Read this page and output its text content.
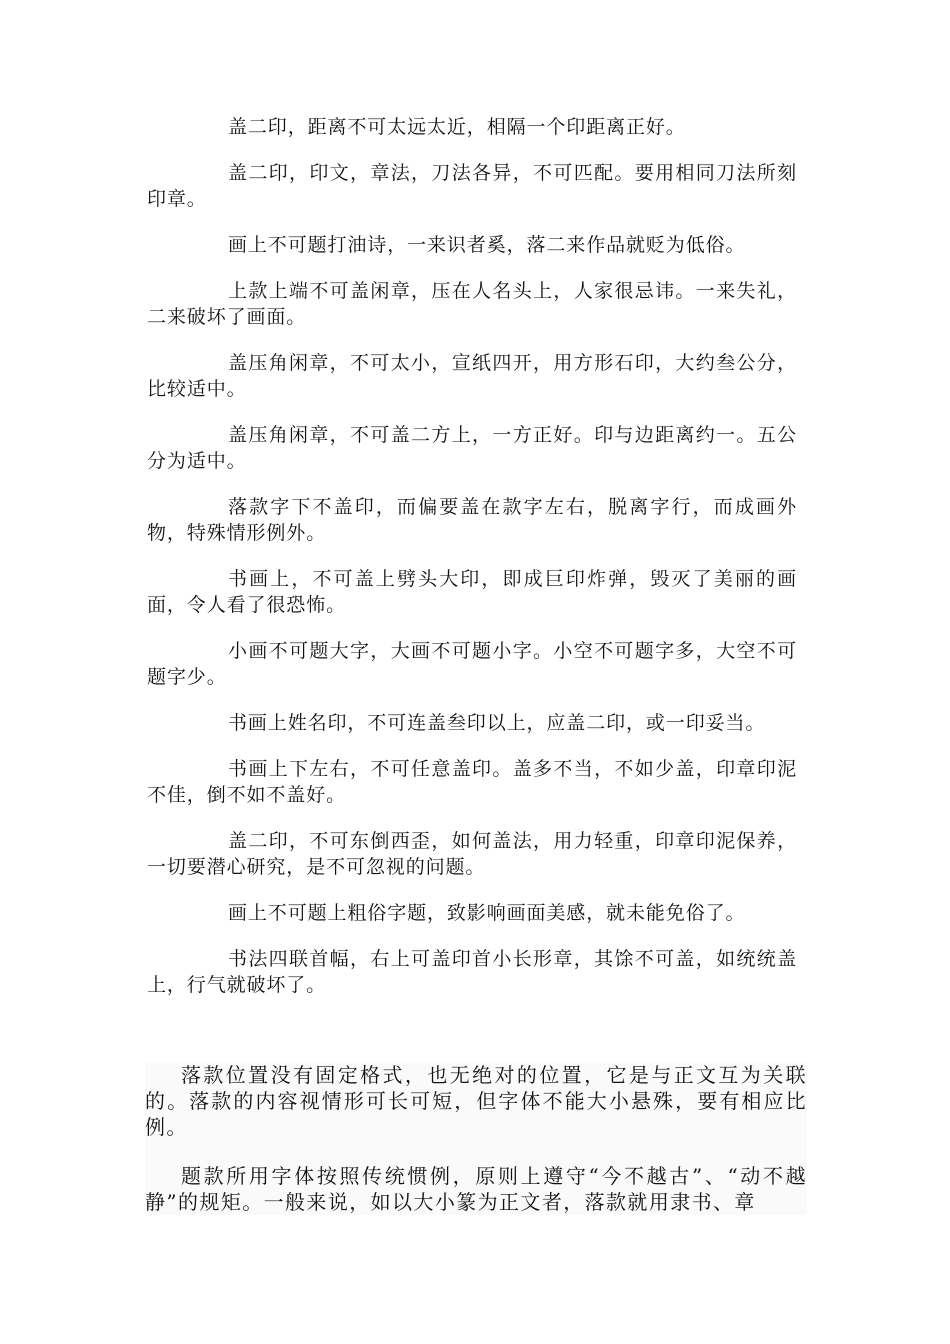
盖二印，距离不可太远太近，相隔一个印距离正好。

盖二印，印文，章法，刀法各异，不可匹配。要用相同刀法所刻印章。

画上不可题打油诗，一来识者奚，落二来作品就贬为低俗。

上款上端不可盖闲章，压在人名头上，人家很忌讳。一来失礼，二来破坏了画面。

盖压角闲章，不可太小，宣纸四开，用方形石印，大约叁公分，比较适中。

盖压角闲章，不可盖二方上，一方正好。印与边距离约一。五公分为适中。

落款字下不盖印，而偏要盖在款字左右，脱离字行，而成画外物，特殊情形例外。

书画上，不可盖上劈头大印，即成巨印炸弹，毁灭了美丽的画面，令人看了很恐怖。

小画不可题大字，大画不可题小字。小空不可题字多，大空不可题字少。

书画上姓名印，不可连盖叁印以上，应盖二印，或一印妥当。

书画上下左右，不可任意盖印。盖多不当，不如少盖，印章印泥不佳，倒不如不盖好。

盖二印，不可东倒西歪，如何盖法，用力轻重，印章印泥保养，一切要潜心研究，是不可忽视的问题。

画上不可题上粗俗字题，致影响画面美感，就未能免俗了。

书法四联首幅，右上可盖印首小长形章，其馀不可盖，如统统盖上，行气就破坏了。

落款位置没有固定格式，也无绝对的位置，它是与正文互为关联的。落款的内容视情形可长可短，但字体不能大小悬殊，要有相应比例。

题款所用字体按照传统惯例，原则上遵守“今不越古”、“动不越静”的规矩。一般来说，如以大小篆为正文者，落款就用隶书、章
